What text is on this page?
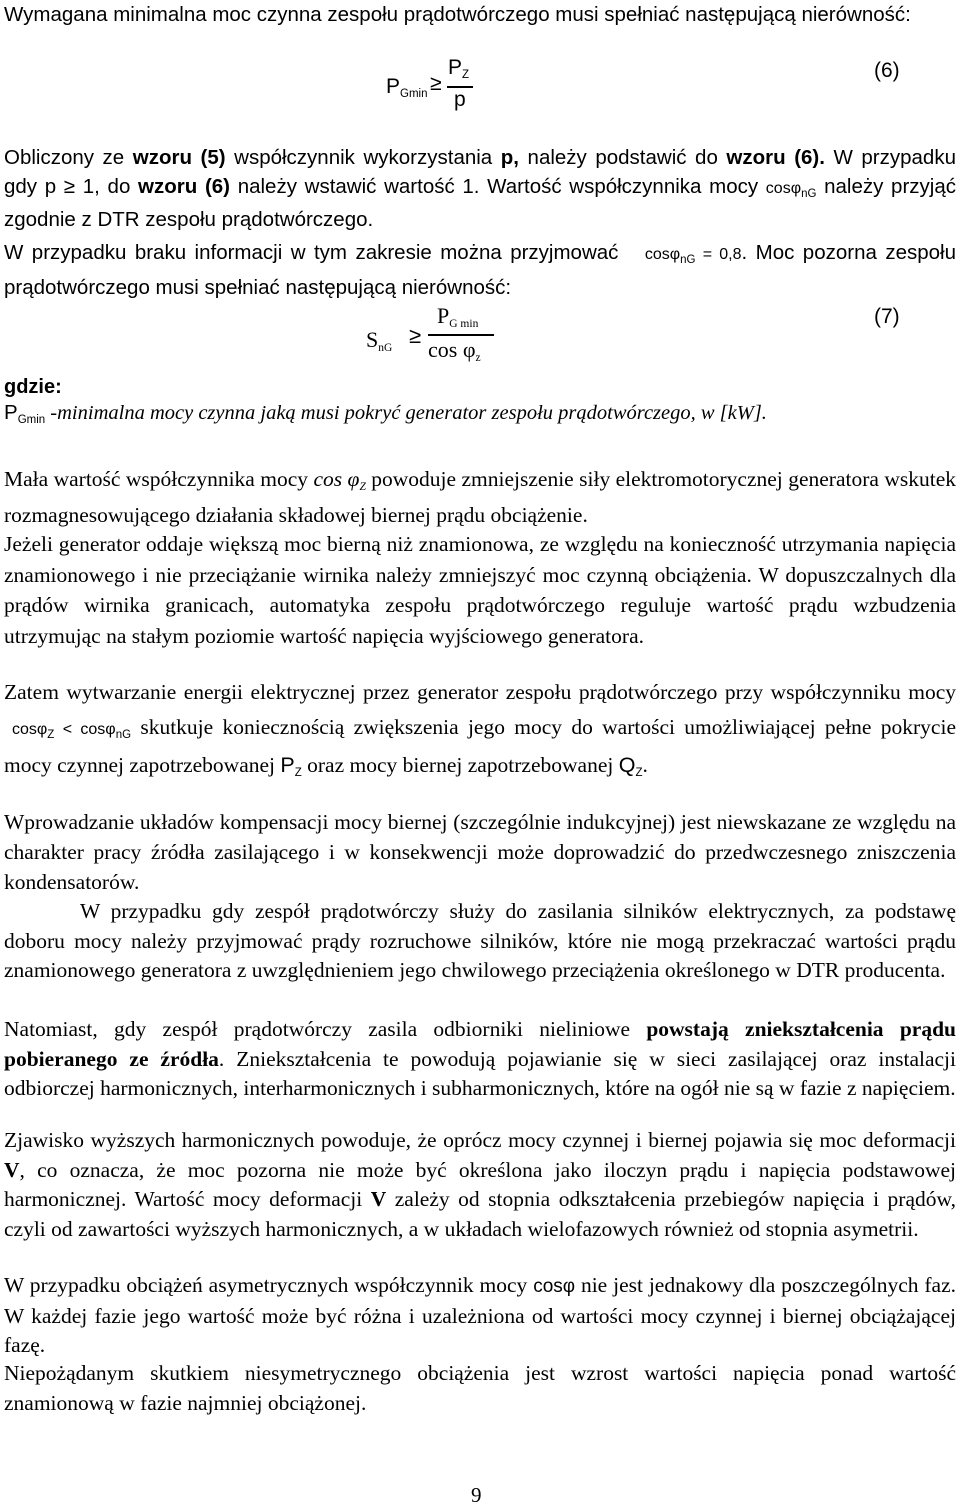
Wymagana minimalna moc czynna zespołu prądotwórczego musi spełniać następującą nierówność:

PGmin ≥
PZ
p
(6)

Obliczony ze wzoru (5) współczynnik wykorzystania p, należy podstawić do wzoru (6). W przypadku gdy p ≥ 1, do wzoru (6) należy wstawić wartość 1. Wartość współczynnika mocy cosφ$_{nG}$ należy przyjąć zgodnie z DTR zespołu prądotwórczego.

W przypadku braku informacji w tym zakresie można przyjmować cosφ$_{nG}$ = 0,8. Moc pozorna zespołu prądotwórczego musi spełniać następującą nierówność:

SnG ≥
PG min
cos φz
(7)
gdzie:
PGmin -minimalna mocy czynna jaką musi pokryć generator zespołu prądotwórczego, w [kW].

Mała wartość współczynnika mocy cos φZ powoduje zmniejszenie siły elektromotorycznej generatora wskutek rozmagnesowującego działania składowej biernej prądu obciążenie.

Jeżeli generator oddaje większą moc bierną niż znamionowa, ze względu na konieczność utrzymania napięcia znamionowego i nie przeciążanie wirnika należy zmniejszyć moc czynną obciążenia. W dopuszczalnych dla prądów wirnika granicach, automatyka zespołu prądotwórczego reguluje wartość prądu wzbudzenia utrzymując na stałym poziomie wartość napięcia wyjściowego generatora.

Zatem wytwarzanie energii elektrycznej przez generator zespołu prądotwórczego przy współczynniku mocy cosφ$_Z$ < cosφ$_{nG}$ skutkuje koniecznością zwiększenia jego mocy do wartości umożliwiającej pełne pokrycie mocy czynnej zapotrzebowanej PZ oraz mocy biernej zapotrzebowanej QZ.

Wprowadzanie układów kompensacji mocy biernej (szczególnie indukcyjnej) jest niewskazane ze względu na charakter pracy źródła zasilającego i w konsekwencji może doprowadzić do przedwczesnego zniszczenia kondensatorów.

W przypadku gdy zespół prądotwórczy służy do zasilania silników elektrycznych, za podstawę doboru mocy należy przyjmować prądy rozruchowe silników, które nie mogą przekraczać wartości prądu znamionowego generatora z uwzględnieniem jego chwilowego przeciążenia określonego w DTR producenta.

Natomiast, gdy zespół prądotwórczy zasila odbiorniki nieliniowe powstają zniekształcenia prądu pobieranego ze źródła. Zniekształcenia te powodują pojawianie się w sieci zasilającej oraz instalacji odbiorczej harmonicznych, interharmonicznych i subharmonicznych, które na ogół nie są w fazie z napięciem.

Zjawisko wyższych harmonicznych powoduje, że oprócz mocy czynnej i biernej pojawia się moc deformacji V, co oznacza, że moc pozorna nie może być określona jako iloczyn prądu i napięcia podstawowej harmonicznej. Wartość mocy deformacji V zależy od stopnia odkształcenia przebiegów napięcia i prądów, czyli od zawartości wyższych harmonicznych, a w układach wielofazowych również od stopnia asymetrii.

W przypadku obciążeń asymetrycznych współczynnik mocy cosφ nie jest jednakowy dla poszczególnych faz. W każdej fazie jego wartość może być różna i uzależniona od wartości mocy czynnej i biernej obciążającej fazę.

Niepożądanym skutkiem niesymetrycznego obciążenia jest wzrost wartości napięcia ponad wartość znamionową w fazie najmniej obciążonej.

9
